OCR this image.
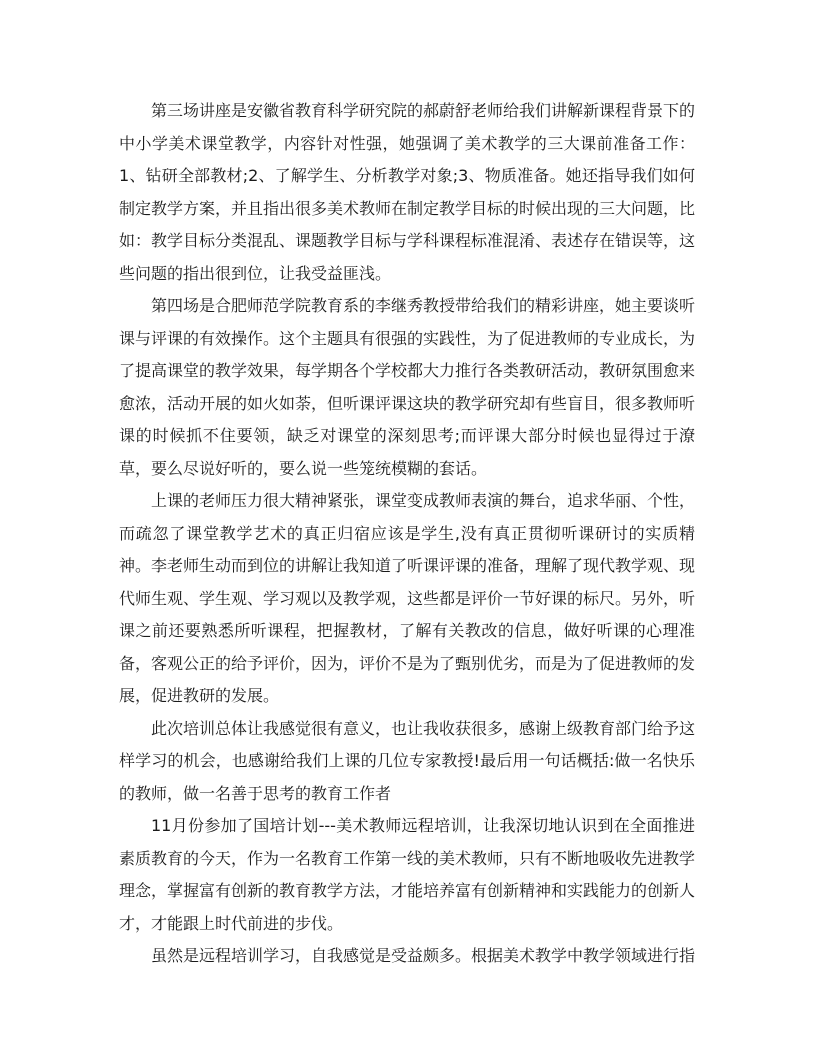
第三场讲座是安徽省教育科学研究院的郝蔚舒老师给我们讲解新课程背景下的中小学美术课堂教学，内容针对性强，她强调了美术教学的三大课前准备工作：1、钻研全部教材;2、了解学生、分析教学对象;3、物质准备。她还指导我们如何制定教学方案，并且指出很多美术教师在制定教学目标的时候出现的三大问题，比如：教学目标分类混乱、课题教学目标与学科课程标准混淆、表述存在错误等，这些问题的指出很到位，让我受益匪浅。

第四场是合肥师范学院教育系的李继秀教授带给我们的精彩讲座，她主要谈听课与评课的有效操作。这个主题具有很强的实践性，为了促进教师的专业成长，为了提高课堂的教学效果，每学期各个学校都大力推行各类教研活动，教研氛围愈来愈浓，活动开展的如火如荼，但听课评课这块的教学研究却有些盲目，很多教师听课的时候抓不住要领，缺乏对课堂的深刻思考;而评课大部分时候也显得过于潦草，要么尽说好听的，要么说一些笼统模糊的套话。

上课的老师压力很大精神紧张，课堂变成教师表演的舞台，追求华丽、个性，而疏忽了课堂教学艺术的真正归宿应该是学生,没有真正贯彻听课研讨的实质精神。李老师生动而到位的讲解让我知道了听课评课的准备，理解了现代教学观、现代师生观、学生观、学习观以及教学观，这些都是评价一节好课的标尺。另外，听课之前还要熟悉所听课程，把握教材，了解有关教改的信息，做好听课的心理准备，客观公正的给予评价，因为，评价不是为了甄别优劣，而是为了促进教师的发展，促进教研的发展。

此次培训总体让我感觉很有意义，也让我收获很多，感谢上级教育部门给予这样学习的机会，也感谢给我们上课的几位专家教授!最后用一句话概括:做一名快乐的教师，做一名善于思考的教育工作者

11月份参加了国培计划---美术教师远程培训，让我深切地认识到在全面推进素质教育的今天，作为一名教育工作第一线的美术教师，只有不断地吸收先进教学理念，掌握富有创新的教育教学方法，才能培养富有创新精神和实践能力的创新人才，才能跟上时代前进的步伐。

虽然是远程培训学习，自我感觉是受益颇多。根据美术教学中教学领域进行指
